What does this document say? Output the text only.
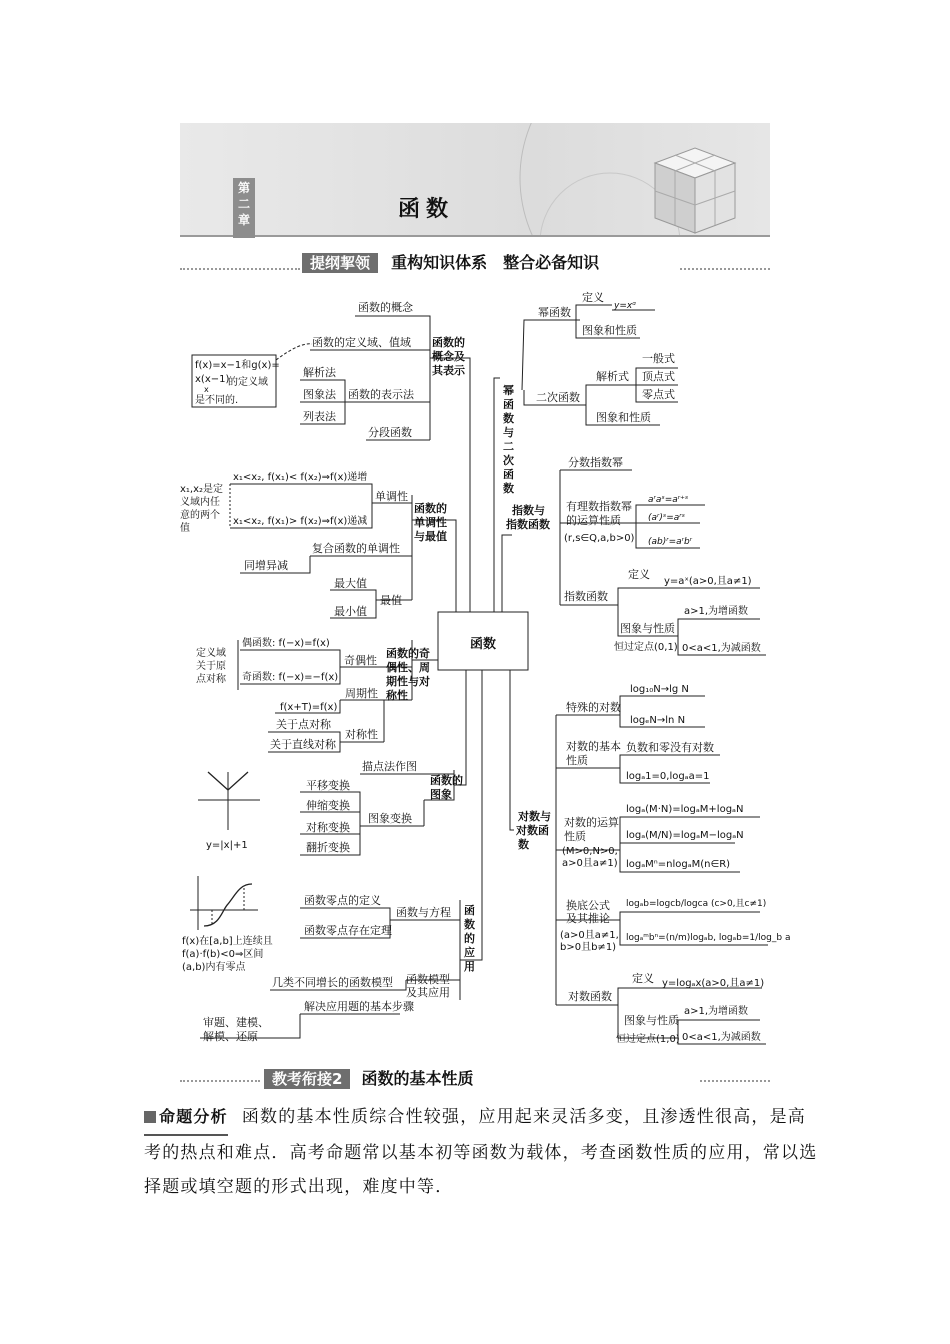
第二章	函数
提纲挈领 重构知识体系　整合必备知识
函数
函数的
概念及
其表示
函数的概念
函数的定义域、值域
函数的表示法
分段函数
解析法
图象法
列表法
f(x)=x−1和g(x)=
x(x−1)
x
的定义域
是不同的.
函数的
单调性
与最值
x₁<x₂, f(x₁)< f(x₂)⇒f(x)递增
x₁<x₂, f(x₁)> f(x₂)⇒f(x)递减
单调性
复合函数的单调性
同增异减
最大值
最小值
最值
x₁,x₂是定
义域内任
意的两个
值
函数的奇
偶性、周
期性与对
称性
偶函数: f(−x)=f(x)
奇函数: f(−x)=−f(x)
奇偶性
定义域
关于原
点对称
周期性
f(x+T)=f(x)
对称性
关于点对称
关于直线对称
函数的
图象
描点法作图
图象变换
平移变换
伸缩变换
对称变换
翻折变换
y=|x|+1
函
数
的
应
用
函数零点的定义
函数零点存在定理
函数与方程
几类不同增长的函数模型 函数模型
及其应用
解决应用题的基本步骤
审题、建模、
解模、还原
f(x)在[a,b]上连续且
f(a)·f(b)<0⇒区间
(a,b)内有零点
幂
函
数
与
二
次
函
数
幂函数
定义
y=xᵅ
图象和性质
二次函数
解析式
一般式
顶点式
零点式
图象和性质
指数与
指数函数
分数指数幂
有理数指数幂
的运算性质
(r,s∈Q,a,b>0)
aʳaˢ=aʳ⁺ˢ
(aʳ)ˢ=aʳˢ
(ab)ʳ=aʳbʳ
指数函数
定义
y=aˣ(a>0,且a≠1)
图象与性质
恒过定点(0,1)
a>1,为增函数
0<a<1,为减函数
对数与
对数函
数
特殊的对数
log₁₀N→lg N
logₑN→ln N
对数的基本
性质
负数和零没有对数
logₐ1=0,logₐa=1
对数的运算
性质
(M>0,N>0,
a>0且a≠1)
logₐ(M·N)=logₐM+logₐN
logₐ(M/N)=logₐM−logₐN
logₐMⁿ=nlogₐM(n∈R)
换底公式
及其推论
(a>0且a≠1,
b>0且b≠1)
logₐb=logcb/logca (c>0,且c≠1)
logₐᵐbⁿ=(n/m)logₐb, logₐb=1/log_b a
对数函数
定义 y=logₐx(a>0,且a≠1)
图象与性质
恒过定点(1,0)
a>1,为增函数
0<a<1,为减函数
教考衔接2 函数的基本性质
命题分析 函数的基本性质综合性较强，应用起来灵活多变，且渗透性很高，是高考的热点和难点．高考命题常以基本初等函数为载体，考查函数性质的应用，常以选择题或填空题的形式出现，难度中等．
